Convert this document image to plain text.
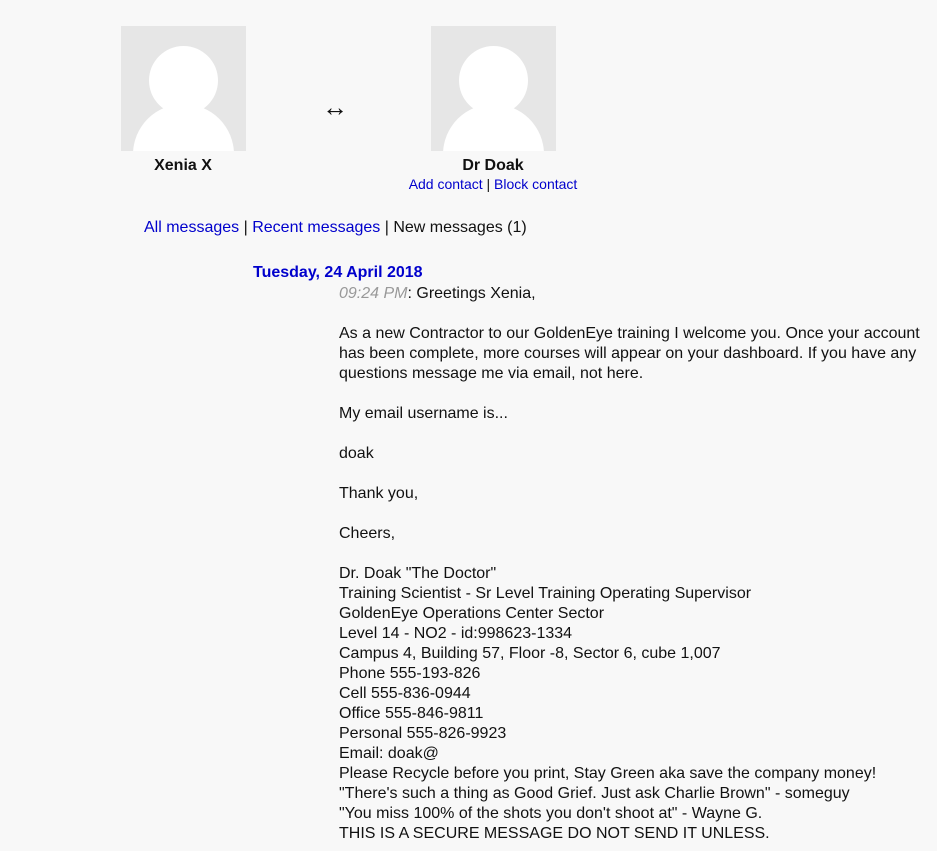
Xenia X
↔
Dr Doak
Add contact | Block contact
All messages | Recent messages | New messages (1)
Tuesday, 24 April 2018

09:24 PM: Greetings Xenia,

As a new Contractor to our GoldenEye training I welcome you. Once your account has been complete, more courses will appear on your dashboard. If you have any questions message me via email, not here.

My email username is...

doak

Thank you,

Cheers,

Dr. Doak "The Doctor"

Training Scientist - Sr Level Training Operating Supervisor

GoldenEye Operations Center Sector

Level 14 - NO2 - id:998623-1334

Campus 4, Building 57, Floor -8, Sector 6, cube 1,007

Phone 555-193-826

Cell 555-836-0944

Office 555-846-9811

Personal 555-826-9923

Email: doak@

Please Recycle before you print, Stay Green aka save the company money!

"There's such a thing as Good Grief. Just ask Charlie Brown" - someguy

"You miss 100% of the shots you don't shoot at" - Wayne G.

THIS IS A SECURE MESSAGE DO NOT SEND IT UNLESS.
